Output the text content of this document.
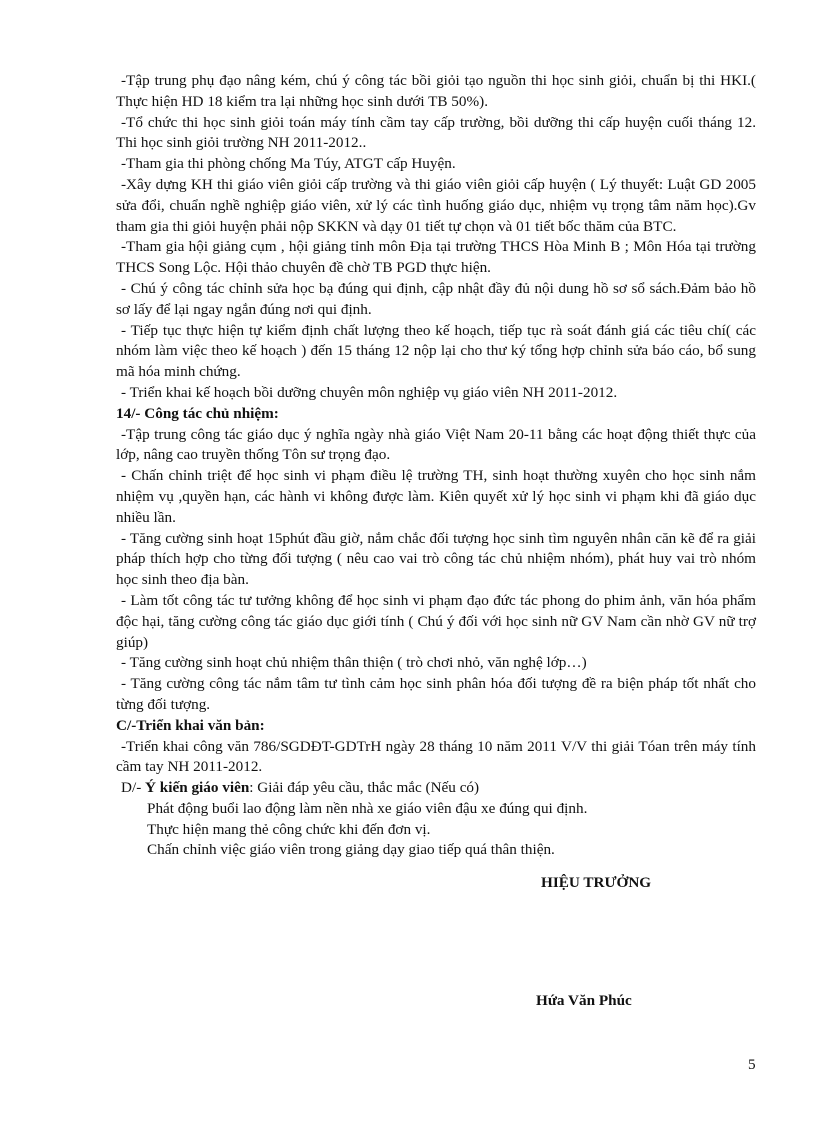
-Tập trung phụ đạo nâng kém, chú ý công tác bồi giỏi tạo nguồn thi học sinh giỏi, chuẩn bị thi HKI.( Thực hiện HD 18 kiểm tra lại những học sinh dưới TB 50%).

-Tổ chức thi học sinh giỏi toán máy tính cầm tay cấp trường, bồi dưỡng thi cấp huyện cuối tháng 12. Thi học sinh giỏi trường NH 2011-2012..

-Tham gia thi phòng chống Ma Túy, ATGT cấp Huyện.

-Xây dựng KH thi giáo viên giỏi cấp trường và thi giáo viên giỏi cấp huyện ( Lý thuyết: Luật GD 2005 sửa đổi, chuẩn nghề nghiệp giáo viên, xử lý các tình huống giáo dục, nhiệm vụ trọng tâm năm học).Gv tham gia thi giỏi huyện phải nộp SKKN và dạy 01 tiết tự chọn và 01 tiết bốc thăm của BTC.

-Tham gia hội giảng cụm , hội giảng tỉnh môn Địa tại trường THCS Hòa Minh B ; Môn Hóa tại trường THCS Song Lộc. Hội thảo chuyên đề chờ TB PGD thực hiện.

- Chú ý công tác chỉnh sửa học bạ đúng qui định, cập nhật đầy đủ nội dung hồ sơ sổ sách.Đảm bảo hồ sơ lấy để lại ngay ngắn đúng nơi qui định.

- Tiếp tục thực hiện tự kiểm định chất lượng theo kế hoạch, tiếp tục rà soát đánh giá các tiêu chí( các nhóm làm việc theo kế hoạch ) đến 15 tháng 12 nộp lại cho thư ký tổng hợp chỉnh sửa báo cáo, bổ sung mã hóa minh chứng.

- Triển khai kế hoạch bồi dưỡng chuyên môn nghiệp vụ giáo viên NH 2011-2012.

14/- Công tác chủ nhiệm:

-Tập trung công tác giáo dục ý nghĩa ngày nhà giáo Việt Nam 20-11 bằng các hoạt động thiết thực của lớp, nâng cao truyền thống Tôn sư trọng đạo.

- Chấn chỉnh triệt để học sinh vi phạm điều lệ trường TH, sinh hoạt thường xuyên cho học sinh nắm nhiệm vụ ,quyền hạn, các hành vi không được làm. Kiên quyết xử lý học sinh vi phạm khi đã giáo dục nhiều lần.

- Tăng cường sinh hoạt 15phút đầu giờ, nắm chắc đối tượng học sinh tìm nguyên nhân căn kẽ để ra giải pháp thích hợp cho từng đối tượng ( nêu cao vai trò công tác chủ nhiệm nhóm), phát huy vai trò nhóm học sinh theo địa bàn.

- Làm tốt công tác tư tưởng không để học sinh vi phạm đạo đức tác phong do phim ảnh, văn hóa phẩm độc hại, tăng cường công tác giáo dục giới tính ( Chú ý đối với học sinh nữ GV Nam cần nhờ GV nữ trợ giúp)

- Tăng cường sinh hoạt chủ nhiệm thân thiện ( trò chơi nhỏ, văn nghệ lớp…)

- Tăng cường công tác nắm tâm tư tình cảm học sinh phân hóa đối tượng đề ra biện pháp tốt nhất cho từng đối tượng.

C/-Triển khai văn bản:

-Triển khai công văn 786/SGDĐT-GDTrH ngày 28 tháng 10 năm 2011 V/V thi giải Tóan trên máy tính cầm tay NH 2011-2012.

D/- Ý kiến giáo viên: Giải đáp yêu cầu, thắc mắc (Nếu có)

Phát động buổi lao động làm nền nhà xe giáo viên đậu xe đúng qui định.

Thực hiện mang thẻ công chức khi đến đơn vị.

Chấn chỉnh việc giáo viên trong giảng dạy giao tiếp quá thân thiện.

HIỆU TRƯỞNG
Hứa Văn Phúc
5
